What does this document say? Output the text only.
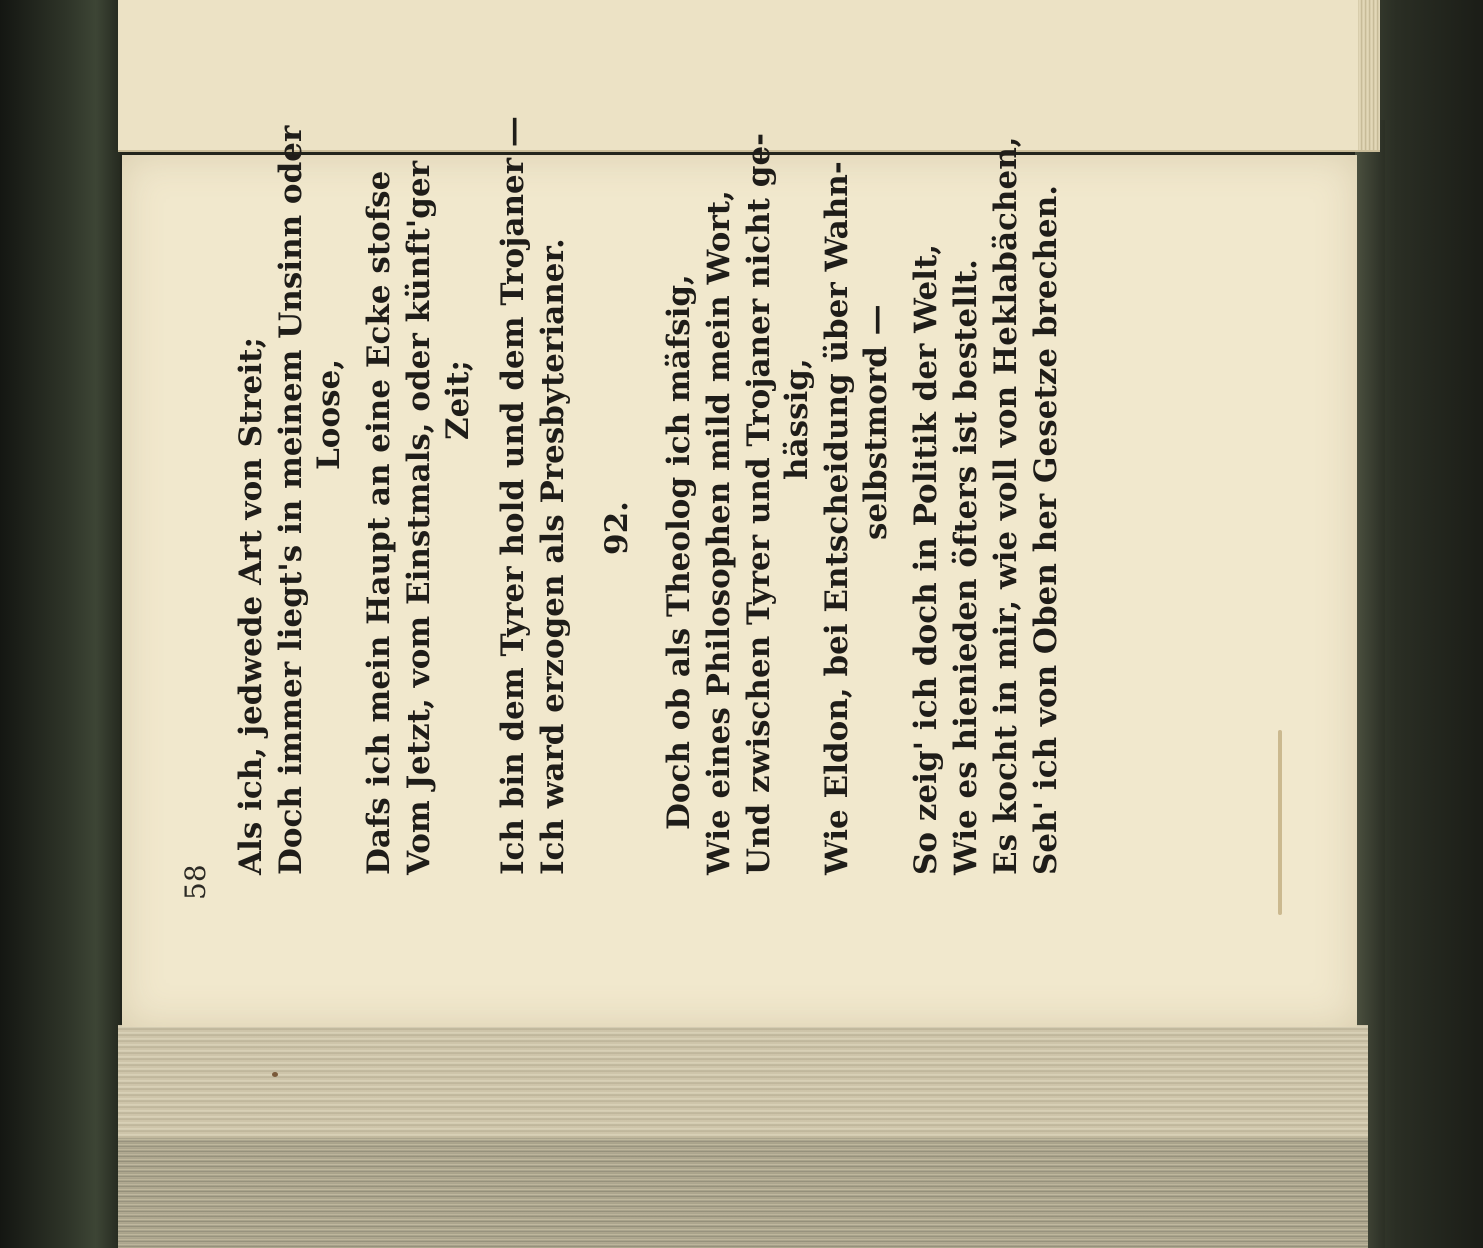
58
Als ich, jedwede Art von Streit; Doch immer liegt's in meinem Unsinn oder Loose, Dafs ich mein Haupt an eine Ecke stofse Vom Jetzt, vom Einstmals, oder künft'ger Zeit; Ich bin dem Tyrer hold und dem Trojaner — Ich ward erzogen als Presbyterianer. 92. Doch ob als Theolog ich mäfsig, Wie eines Philosophen mild mein Wort, Und zwischen Tyrer und Trojaner nicht ge- hässig, Wie Eldon, bei Entscheidung über Wahn- selbstmord — So zeig' ich doch in Politik der Welt, Wie es hienieden öfters ist bestellt. Es kocht in mir, wie voll von Heklabächen, Seh' ich von Oben her Gesetze brechen.
